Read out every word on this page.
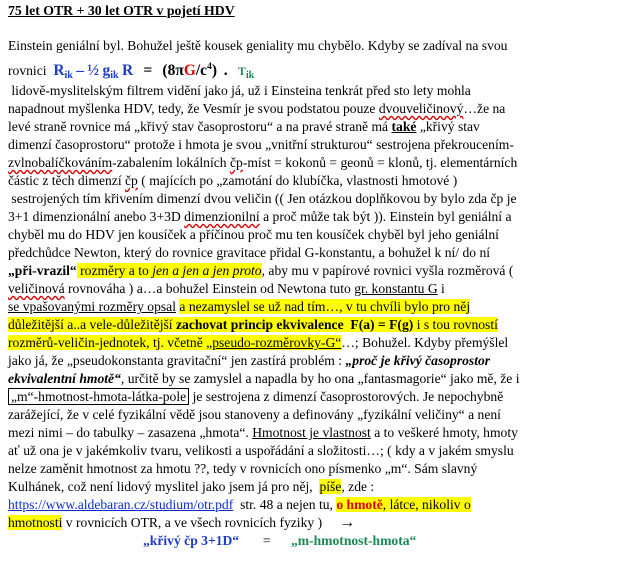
75 let OTR + 30 let OTR v pojetí HDV
Einstein geniální byl. Bohužel ještě kousek geniality mu chybělo. Kdyby se zadíval na svou
rovnici Rik – ½ gik $R = (8\pi G/c^4)$ . $T_{ik}$
lidově-myslitelským filtrem vidění jako já, už i Einsteina tenkrát před sto lety mohla
napadnout myšlenka HDV, tedy, že Vesmír je svou podstatou pouze dvouveličinový…že na
levé straně rovnice má „křivý stav časoprostoru“ a na pravé straně má také „křivý stav
dimenzí časoprostoru“ protože i hmota je svou „vnitřní strukturou“ sestrojena překroucením-
zvlnobalíčkováním-zabalením lokálních čp-míst = kokonů = geonů = klonů, tj. elementárních
částic z těch dimenzí čp ( majících po „zamotání do klubíčka, vlastnosti hmotové )
sestrojených tím křivením dimenzí dvou veličin (( Jen otázkou doplňkovou by bylo zda čp je
3+1 dimenzionální anebo 3+3D dimenzionilní a proč může tak být )). Einstein byl geniální a
chyběl mu do HDV jen kousíček a příčinou proč mu ten kousíček chyběl byl jeho geniální
předchůdce Newton, který do rovnice gravitace přidal G-konstantu, a bohužel k ní/ do ní
„při-vrazil“ rozměry a to jen a jen a jen proto, aby mu v papírové rovnici vyšla rozměrová (
veličinová rovnováha ) a…a bohužel Einstein od Newtona tuto gr. konstantu G i
se vpašovanými rozměry opsal a nezamyslel se už nad tím…, v tu chvíli bylo pro něj
důležitější a..a vele-důležitější zachovat princip ekvivalence F(a) = F(g) i s tou rovností
rozměrů-veličin-jednotek, tj. včetně „pseudo-rozměrovky-G“…; Bohužel. Kdyby přemýšlel
jako já, že „pseudokonstanta gravitační“ jen zastírá problém : „proč je křivý časoprostor
ekvivalentní hmotě“, určitě by se zamyslel a napadla by ho ona „fantasmagorie“ jako mě, že i
„m“-hmotnost-hmota-látka-pole je sestrojena z dimenzí časoprostorových. Je nepochybně
zarážející, že v celé fyzikální vědě jsou stanoveny a definovány „fyzikální veličiny“ a není
mezi nimi – do tabulky – zasazena „hmota“. Hmotnost je vlastnost a to veškeré hmoty, hmoty
ať už ona je v jakémkoliv tvaru, velikosti a uspořádání a složitosti…; ( kdy a v jakém smyslu
nelze zaměnit hmotnost za hmotu ??, tedy v rovnicích ono písmenko „m“. Sám slavný
Kulhánek, což není lidový myslitel jako jsem já pro něj, píše, zde :
https://www.aldebaran.cz/studium/otr.pdf str. 48 a nejen tu, o hmotě, látce, nikoliv o
hmotnosti v rovnicích OTR, a ve všech rovnicích fyziky ) →
„křivý čp 3+1D“ = „m-hmotnost-hmota“
